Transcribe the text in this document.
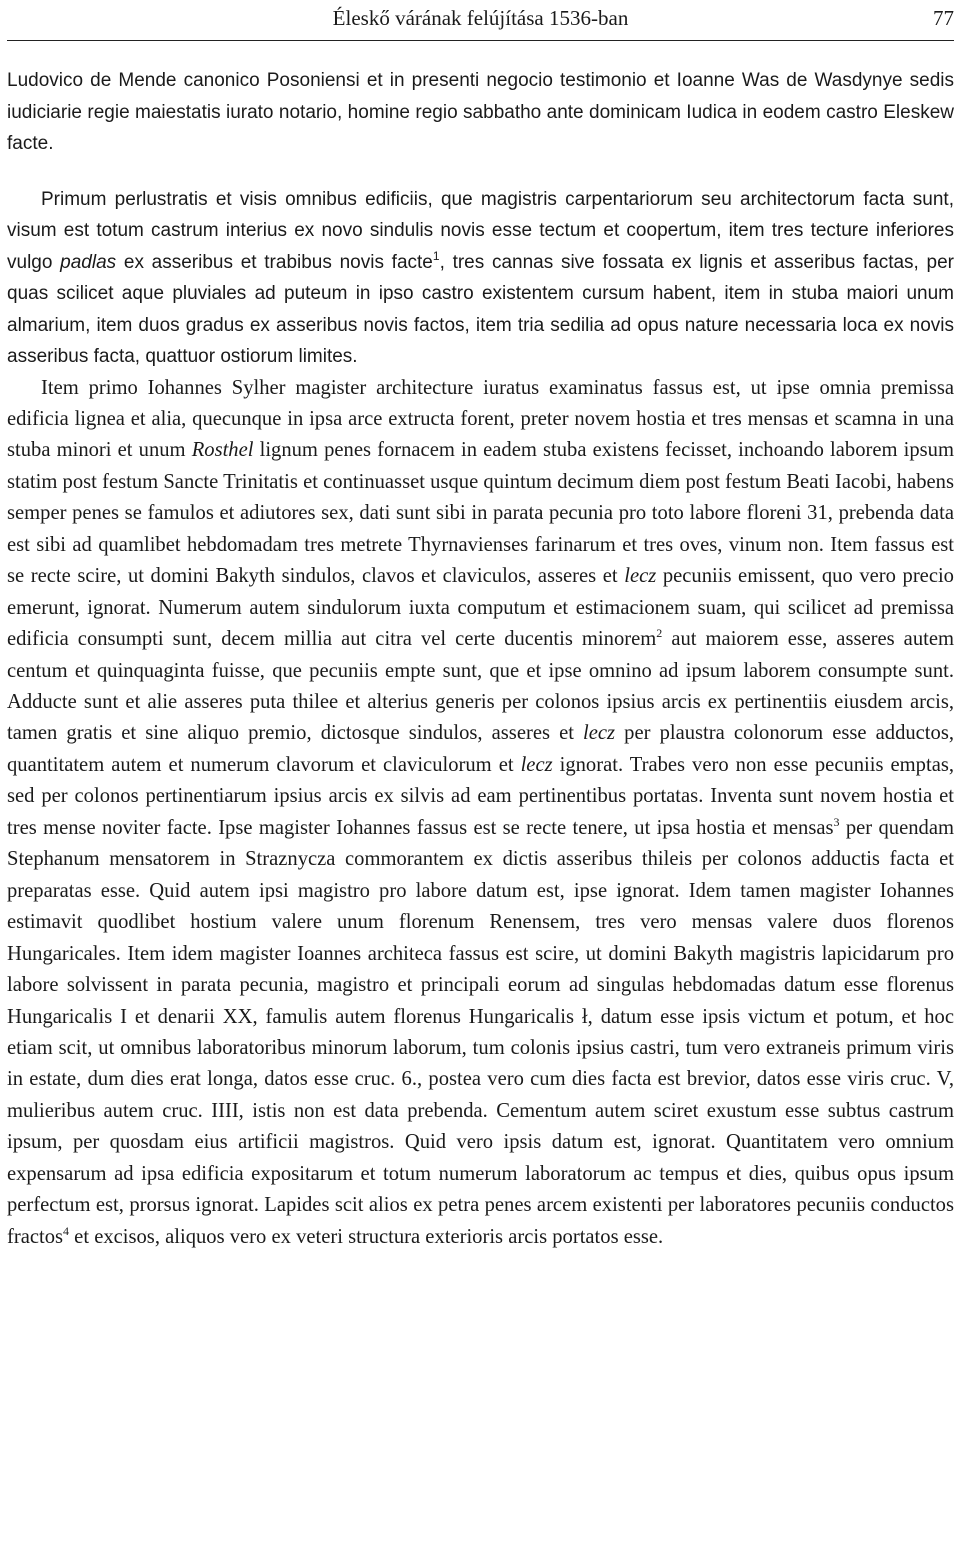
Éleskő várának felújítása 1536-ban	77

Ludovico de Mende canonico Posoniensi et in presenti negocio testimonio et Ioanne Was de Wasdynye sedis iudiciarie regie maiestatis iurato notario, homine regio sabbatho ante dominicam Iudica in eodem castro Eleskew facte.

Primum perlustratis et visis omnibus edificiis, que magistris carpentariorum seu architectorum facta sunt, visum est totum castrum interius ex novo sindulis novis esse tectum et coopertum, item tres tecture inferiores vulgo padlas ex asseribus et trabibus novis facte$^1$, tres cannas sive fossata ex lignis et asseribus factas, per quas scilicet aque pluviales ad puteum in ipso castro existentem cursum habent, item in stuba maiori unum almarium, item duos gradus ex asseribus novis factos, item tria sedilia ad opus nature necessaria loca ex novis asseribus facta, quattuor ostiorum limites.

Item primo Iohannes Sylher magister architecture iuratus examinatus fassus est, ut ipse omnia premissa edificia lignea et alia, quecunque in ipsa arce extructa forent, preter novem hostia et tres mensas et scamna in una stuba minori et unum Rosthel lignum penes fornacem in eadem stuba existens fecisset, inchoando laborem ipsum statim post festum Sancte Trinitatis et continuasset usque quintum decimum diem post festum Beati Iacobi, habens semper penes se famulos et adiutores sex, dati sunt sibi in parata pecunia pro toto labore floreni 31, prebenda data est sibi ad quamlibet hebdomadam tres metrete Thyrnavienses farinarum et tres oves, vinum non. Item fassus est se recte scire, ut domini Bakyth sindulos, clavos et claviculos, asseres et lecz pecuniis emissent, quo vero precio emerunt, ignorat. Numerum autem sindulorum iuxta computum et estimacionem suam, qui scilicet ad premissa edificia consumpti sunt, decem millia aut citra vel certe ducentis minorem$^2$ aut maiorem esse, asseres autem centum et quinquaginta fuisse, que pecuniis empte sunt, que et ipse omnino ad ipsum laborem consumpte sunt. Adducte sunt et alie asseres puta thilee et alterius generis per colonos ipsius arcis ex pertinentiis eiusdem arcis, tamen gratis et sine aliquo premio, dictosque sindulos, asseres et lecz per plaustra colonorum esse adductos, quantitatem autem et numerum clavorum et claviculorum et lecz ignorat. Trabes vero non esse pecuniis emptas, sed per colonos pertinentiarum ipsius arcis ex silvis ad eam pertinentibus portatas. Inventa sunt novem hostia et tres mense noviter facte. Ipse magister Iohannes fassus est se recte tenere, ut ipsa hostia et mensas$^3$ per quendam Stephanum mensatorem in Straznycza commorantem ex dictis asseribus thileis per colonos adductis facta et preparatas esse. Quid autem ipsi magistro pro labore datum est, ipse ignorat. Idem tamen magister Iohannes estimavit quodlibet hostium valere unum florenum Renensem, tres vero mensas valere duos florenos Hungaricales. Item idem magister Ioannes architeca fassus est scire, ut domini Bakyth magistris lapicidarum pro labore solvissent in parata pecunia, magistro et principali eorum ad singulas hebdomadas datum esse florenus Hungaricalis I et denarii XX, famulis autem florenus Hungaricalis ł, datum esse ipsis victum et potum, et hoc etiam scit, ut omnibus laboratoribus minorum laborum, tum colonis ipsius castri, tum vero extraneis primum viris in estate, dum dies erat longa, datos esse cruc. 6., postea vero cum dies facta est brevior, datos esse viris cruc. V, mulieribus autem cruc. IIII, istis non est data prebenda. Cementum autem sciret exustum esse subtus castrum ipsum, per quosdam eius artificii magistros. Quid vero ipsis datum est, ignorat. Quantitatem vero omnium expensarum ad ipsa edificia expositarum et totum numerum laboratorum ac tempus et dies, quibus opus ipsum perfectum est, prorsus ignorat. Lapides scit alios ex petra penes arcem existenti per laboratores pecuniis conductos fractos$^4$ et excisos, aliquos vero ex veteri structura exterioris arcis portatos esse.
